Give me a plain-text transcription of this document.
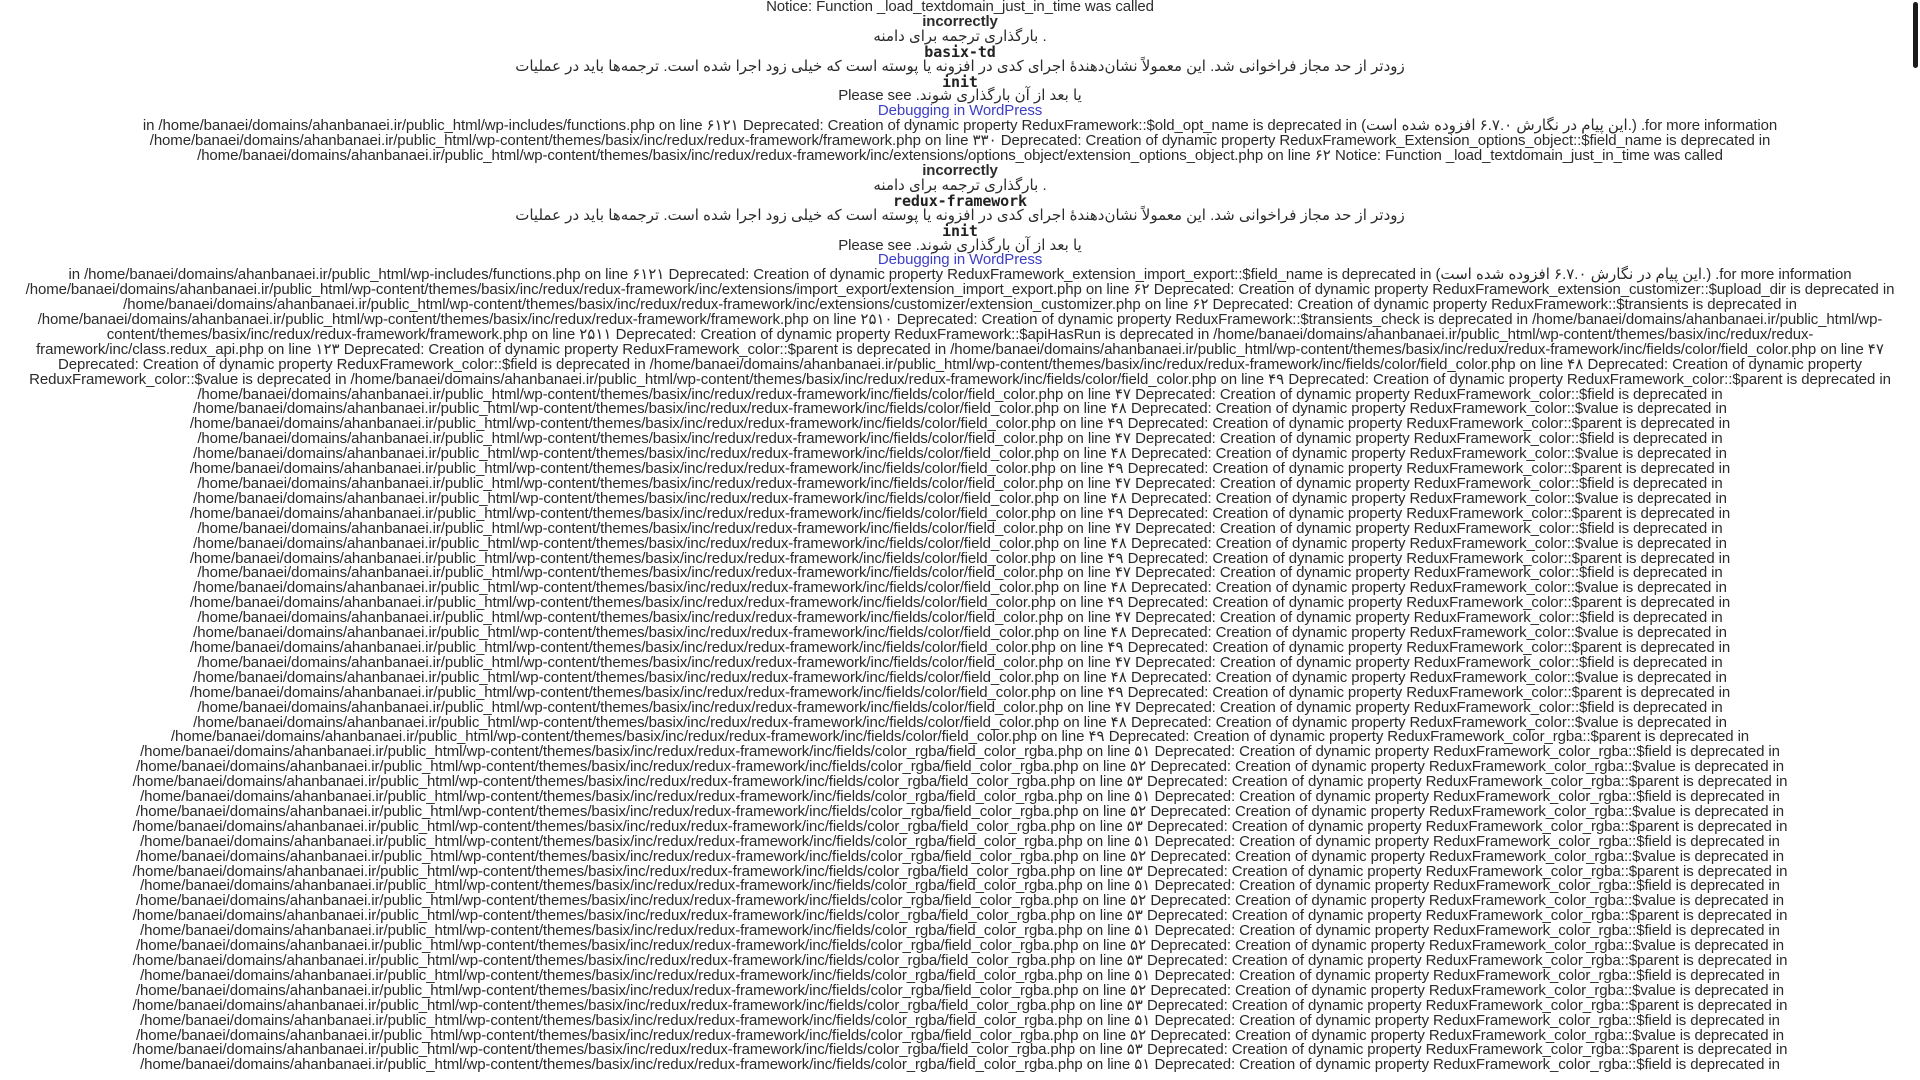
Notice: Function _load_textdomain_just_in_time was called
incorrectly
. بارگذاری ترجمه برای دامنه
basix-td
زودتر از حد مجاز فراخوانی شد. این معمولاً نشان‌دهندهٔ اجرای کدی در افزونه یا پوسته است که خیلی زود اجرا شده است. ترجمه‌ها باید در عملیات
init
یا بعد از آن بارگذاری شوند. Please see
Debugging in WordPress
in /home/banaei/domains/ahanbanaei.ir/public_html/wp-includes/functions.php on line ۶۱۲۱ Deprecated: Creation of dynamic property ReduxFramework::$old_opt_name is deprecated in (این پیام در نگارش ۶.۷.۰ افزوده شده است.) .for more information
/home/banaei/domains/ahanbanaei.ir/public_html/wp-content/themes/basix/inc/redux/redux-framework/framework.php on line ۳۳۰ Deprecated: Creation of dynamic property ReduxFramework_Extension_options_object::$field_name is deprecated in
/home/banaei/domains/ahanbanaei.ir/public_html/wp-content/themes/basix/inc/redux/redux-framework/inc/extensions/options_object/extension_options_object.php on line ۶۲ Notice: Function _load_textdomain_just_in_time was called
incorrectly
. بارگذاری ترجمه برای دامنه
redux-framework
زودتر از حد مجاز فراخوانی شد. این معمولاً نشان‌دهندهٔ اجرای کدی در افزونه یا پوسته است که خیلی زود اجرا شده است. ترجمه‌ها باید در عملیات
init
یا بعد از آن بارگذاری شوند. Please see
Debugging in WordPress
in /home/banaei/domains/ahanbanaei.ir/public_html/wp-includes/functions.php on line ۶۱۲۱ Deprecated: Creation of dynamic property ReduxFramework_extension_import_export::$field_name is deprecated in (این پیام در نگارش ۶.۷.۰ افزوده شده است.) .for more information /home/banaei/domains/ahanbanaei.ir/public_html/wp-content/themes/basix/inc/redux/redux-framework/inc/extensions/import_export/extension_import_export.php on line ۶۲ Deprecated: Creation of dynamic property ReduxFramework_extension_customizer::$upload_dir is deprecated in /home/banaei/domains/ahanbanaei.ir/public_html/wp-content/themes/basix/inc/redux/redux-framework/inc/extensions/customizer/extension_customizer.php on line ۶۲ Deprecated: Creation of dynamic property ReduxFramework::$transients is deprecated in /home/banaei/domains/ahanbanaei.ir/public_html/wp-content/themes/basix/inc/redux/redux-framework/framework.php on line ۲۵۱۰ Deprecated: Creation of dynamic property ReduxFramework::$transients_check is deprecated in /home/banaei/domains/ahanbanaei.ir/public_html/wp-content/themes/basix/inc/redux/redux-framework/framework.php on line ۲۵۱۱ Deprecated: Creation of dynamic property ReduxFramework::$apiHasRun is deprecated in /home/banaei/domains/ahanbanaei.ir/public_html/wp-content/themes/basix/inc/redux/redux-framework/inc/class.redux_api.php on line ۱۲۳ Deprecated: Creation of dynamic property ReduxFramework_color::$parent is deprecated in /home/banaei/domains/ahanbanaei.ir/public_html/wp-content/themes/basix/inc/redux/redux-framework/inc/fields/color/field_color.php on line ۴۷ Deprecated: Creation of dynamic property ReduxFramework_color::$field is deprecated in /home/banaei/domains/ahanbanaei.ir/public_html/wp-content/themes/basix/inc/redux/redux-framework/inc/fields/color/field_color.php on line ۴۸ Deprecated: Creation of dynamic property ReduxFramework_color::$value is deprecated in /home/banaei/domains/ahanbanaei.ir/public_html/wp-content/themes/basix/inc/redux/redux-framework/inc/fields/color/field_color.php on line ۴۹ Deprecated: Creation of dynamic property ReduxFramework_color::$parent is deprecated in /home/banaei/domains/ahanbanaei.ir/public_html/wp-content/themes/basix/inc/redux/redux-framework/inc/fields/color/field_color.php on line ۴۷ Deprecated: Creation of dynamic property ReduxFramework_color::$field is deprecated in
/home/banaei/domains/ahanbanaei.ir/public_html/wp-content/themes/basix/inc/redux/redux-framework/inc/fields/color/field_color.php on line ۴۸ Deprecated: Creation of dynamic property ReduxFramework_color::$value is deprecated in
/home/banaei/domains/ahanbanaei.ir/public_html/wp-content/themes/basix/inc/redux/redux-framework/inc/fields/color/field_color.php on line ۴۹ Deprecated: Creation of dynamic property ReduxFramework_color::$parent is deprecated in
/home/banaei/domains/ahanbanaei.ir/public_html/wp-content/themes/basix/inc/redux/redux-framework/inc/fields/color/field_color.php on line ۴۷ Deprecated: Creation of dynamic property ReduxFramework_color::$field is deprecated in
/home/banaei/domains/ahanbanaei.ir/public_html/wp-content/themes/basix/inc/redux/redux-framework/inc/fields/color/field_color.php on line ۴۸ Deprecated: Creation of dynamic property ReduxFramework_color::$value is deprecated in
/home/banaei/domains/ahanbanaei.ir/public_html/wp-content/themes/basix/inc/redux/redux-framework/inc/fields/color/field_color.php on line ۴۹ Deprecated: Creation of dynamic property ReduxFramework_color::$parent is deprecated in
/home/banaei/domains/ahanbanaei.ir/public_html/wp-content/themes/basix/inc/redux/redux-framework/inc/fields/color/field_color.php on line ۴۷ Deprecated: Creation of dynamic property ReduxFramework_color::$field is deprecated in
/home/banaei/domains/ahanbanaei.ir/public_html/wp-content/themes/basix/inc/redux/redux-framework/inc/fields/color/field_color.php on line ۴۸ Deprecated: Creation of dynamic property ReduxFramework_color::$value is deprecated in
/home/banaei/domains/ahanbanaei.ir/public_html/wp-content/themes/basix/inc/redux/redux-framework/inc/fields/color/field_color.php on line ۴۹ Deprecated: Creation of dynamic property ReduxFramework_color::$parent is deprecated in
/home/banaei/domains/ahanbanaei.ir/public_html/wp-content/themes/basix/inc/redux/redux-framework/inc/fields/color/field_color.php on line ۴۷ Deprecated: Creation of dynamic property ReduxFramework_color::$field is deprecated in
/home/banaei/domains/ahanbanaei.ir/public_html/wp-content/themes/basix/inc/redux/redux-framework/inc/fields/color/field_color.php on line ۴۸ Deprecated: Creation of dynamic property ReduxFramework_color::$value is deprecated in
/home/banaei/domains/ahanbanaei.ir/public_html/wp-content/themes/basix/inc/redux/redux-framework/inc/fields/color/field_color.php on line ۴۹ Deprecated: Creation of dynamic property ReduxFramework_color::$parent is deprecated in
/home/banaei/domains/ahanbanaei.ir/public_html/wp-content/themes/basix/inc/redux/redux-framework/inc/fields/color/field_color.php on line ۴۷ Deprecated: Creation of dynamic property ReduxFramework_color::$field is deprecated in
/home/banaei/domains/ahanbanaei.ir/public_html/wp-content/themes/basix/inc/redux/redux-framework/inc/fields/color/field_color.php on line ۴۸ Deprecated: Creation of dynamic property ReduxFramework_color::$value is deprecated in
/home/banaei/domains/ahanbanaei.ir/public_html/wp-content/themes/basix/inc/redux/redux-framework/inc/fields/color/field_color.php on line ۴۹ Deprecated: Creation of dynamic property ReduxFramework_color::$parent is deprecated in
/home/banaei/domains/ahanbanaei.ir/public_html/wp-content/themes/basix/inc/redux/redux-framework/inc/fields/color/field_color.php on line ۴۷ Deprecated: Creation of dynamic property ReduxFramework_color::$field is deprecated in
/home/banaei/domains/ahanbanaei.ir/public_html/wp-content/themes/basix/inc/redux/redux-framework/inc/fields/color/field_color.php on line ۴۸ Deprecated: Creation of dynamic property ReduxFramework_color::$value is deprecated in
/home/banaei/domains/ahanbanaei.ir/public_html/wp-content/themes/basix/inc/redux/redux-framework/inc/fields/color/field_color.php on line ۴۹ Deprecated: Creation of dynamic property ReduxFramework_color::$parent is deprecated in
/home/banaei/domains/ahanbanaei.ir/public_html/wp-content/themes/basix/inc/redux/redux-framework/inc/fields/color/field_color.php on line ۴۷ Deprecated: Creation of dynamic property ReduxFramework_color::$field is deprecated in
/home/banaei/domains/ahanbanaei.ir/public_html/wp-content/themes/basix/inc/redux/redux-framework/inc/fields/color/field_color.php on line ۴۸ Deprecated: Creation of dynamic property ReduxFramework_color::$value is deprecated in
/home/banaei/domains/ahanbanaei.ir/public_html/wp-content/themes/basix/inc/redux/redux-framework/inc/fields/color/field_color.php on line ۴۹ Deprecated: Creation of dynamic property ReduxFramework_color::$parent is deprecated in
/home/banaei/domains/ahanbanaei.ir/public_html/wp-content/themes/basix/inc/redux/redux-framework/inc/fields/color/field_color.php on line ۴۷ Deprecated: Creation of dynamic property ReduxFramework_color::$field is deprecated in
/home/banaei/domains/ahanbanaei.ir/public_html/wp-content/themes/basix/inc/redux/redux-framework/inc/fields/color/field_color.php on line ۴۸ Deprecated: Creation of dynamic property ReduxFramework_color::$value is deprecated in
/home/banaei/domains/ahanbanaei.ir/public_html/wp-content/themes/basix/inc/redux/redux-framework/inc/fields/color/field_color.php on line ۴۹ Deprecated: Creation of dynamic property ReduxFramework_color_rgba::$parent is deprecated in
/home/banaei/domains/ahanbanaei.ir/public_html/wp-content/themes/basix/inc/redux/redux-framework/inc/fields/color_rgba/field_color_rgba.php on line ۵۱ Deprecated: Creation of dynamic property ReduxFramework_color_rgba::$field is deprecated in
/home/banaei/domains/ahanbanaei.ir/public_html/wp-content/themes/basix/inc/redux/redux-framework/inc/fields/color_rgba/field_color_rgba.php on line ۵۲ Deprecated: Creation of dynamic property ReduxFramework_color_rgba::$value is deprecated in
/home/banaei/domains/ahanbanaei.ir/public_html/wp-content/themes/basix/inc/redux/redux-framework/inc/fields/color_rgba/field_color_rgba.php on line ۵۳ Deprecated: Creation of dynamic property ReduxFramework_color_rgba::$parent is deprecated in
/home/banaei/domains/ahanbanaei.ir/public_html/wp-content/themes/basix/inc/redux/redux-framework/inc/fields/color_rgba/field_color_rgba.php on line ۵۱ Deprecated: Creation of dynamic property ReduxFramework_color_rgba::$field is deprecated in
/home/banaei/domains/ahanbanaei.ir/public_html/wp-content/themes/basix/inc/redux/redux-framework/inc/fields/color_rgba/field_color_rgba.php on line ۵۲ Deprecated: Creation of dynamic property ReduxFramework_color_rgba::$value is deprecated in
/home/banaei/domains/ahanbanaei.ir/public_html/wp-content/themes/basix/inc/redux/redux-framework/inc/fields/color_rgba/field_color_rgba.php on line ۵۳ Deprecated: Creation of dynamic property ReduxFramework_color_rgba::$parent is deprecated in
/home/banaei/domains/ahanbanaei.ir/public_html/wp-content/themes/basix/inc/redux/redux-framework/inc/fields/color_rgba/field_color_rgba.php on line ۵۱ Deprecated: Creation of dynamic property ReduxFramework_color_rgba::$field is deprecated in
/home/banaei/domains/ahanbanaei.ir/public_html/wp-content/themes/basix/inc/redux/redux-framework/inc/fields/color_rgba/field_color_rgba.php on line ۵۲ Deprecated: Creation of dynamic property ReduxFramework_color_rgba::$value is deprecated in
/home/banaei/domains/ahanbanaei.ir/public_html/wp-content/themes/basix/inc/redux/redux-framework/inc/fields/color_rgba/field_color_rgba.php on line ۵۳ Deprecated: Creation of dynamic property ReduxFramework_color_rgba::$parent is deprecated in
/home/banaei/domains/ahanbanaei.ir/public_html/wp-content/themes/basix/inc/redux/redux-framework/inc/fields/color_rgba/field_color_rgba.php on line ۵۱ Deprecated: Creation of dynamic property ReduxFramework_color_rgba::$field is deprecated in
/home/banaei/domains/ahanbanaei.ir/public_html/wp-content/themes/basix/inc/redux/redux-framework/inc/fields/color_rgba/field_color_rgba.php on line ۵۲ Deprecated: Creation of dynamic property ReduxFramework_color_rgba::$value is deprecated in
/home/banaei/domains/ahanbanaei.ir/public_html/wp-content/themes/basix/inc/redux/redux-framework/inc/fields/color_rgba/field_color_rgba.php on line ۵۳ Deprecated: Creation of dynamic property ReduxFramework_color_rgba::$parent is deprecated in
/home/banaei/domains/ahanbanaei.ir/public_html/wp-content/themes/basix/inc/redux/redux-framework/inc/fields/color_rgba/field_color_rgba.php on line ۵۱ Deprecated: Creation of dynamic property ReduxFramework_color_rgba::$field is deprecated in
/home/banaei/domains/ahanbanaei.ir/public_html/wp-content/themes/basix/inc/redux/redux-framework/inc/fields/color_rgba/field_color_rgba.php on line ۵۲ Deprecated: Creation of dynamic property ReduxFramework_color_rgba::$value is deprecated in
/home/banaei/domains/ahanbanaei.ir/public_html/wp-content/themes/basix/inc/redux/redux-framework/inc/fields/color_rgba/field_color_rgba.php on line ۵۳ Deprecated: Creation of dynamic property ReduxFramework_color_rgba::$parent is deprecated in
/home/banaei/domains/ahanbanaei.ir/public_html/wp-content/themes/basix/inc/redux/redux-framework/inc/fields/color_rgba/field_color_rgba.php on line ۵۱ Deprecated: Creation of dynamic property ReduxFramework_color_rgba::$field is deprecated in
/home/banaei/domains/ahanbanaei.ir/public_html/wp-content/themes/basix/inc/redux/redux-framework/inc/fields/color_rgba/field_color_rgba.php on line ۵۲ Deprecated: Creation of dynamic property ReduxFramework_color_rgba::$value is deprecated in
/home/banaei/domains/ahanbanaei.ir/public_html/wp-content/themes/basix/inc/redux/redux-framework/inc/fields/color_rgba/field_color_rgba.php on line ۵۳ Deprecated: Creation of dynamic property ReduxFramework_color_rgba::$parent is deprecated in
/home/banaei/domains/ahanbanaei.ir/public_html/wp-content/themes/basix/inc/redux/redux-framework/inc/fields/color_rgba/field_color_rgba.php on line ۵۱ Deprecated: Creation of dynamic property ReduxFramework_color_rgba::$field is deprecated in
/home/banaei/domains/ahanbanaei.ir/public_html/wp-content/themes/basix/inc/redux/redux-framework/inc/fields/color_rgba/field_color_rgba.php on line ۵۲ Deprecated: Creation of dynamic property ReduxFramework_color_rgba::$value is deprecated in
/home/banaei/domains/ahanbanaei.ir/public_html/wp-content/themes/basix/inc/redux/redux-framework/inc/fields/color_rgba/field_color_rgba.php on line ۵۳ Deprecated: Creation of dynamic property ReduxFramework_color_rgba::$parent is deprecated in
/home/banaei/domains/ahanbanaei.ir/public_html/wp-content/themes/basix/inc/redux/redux-framework/inc/fields/color_rgba/field_color_rgba.php on line ۵۱ Deprecated: Creation of dynamic property ReduxFramework_color_rgba::$field is deprecated in
